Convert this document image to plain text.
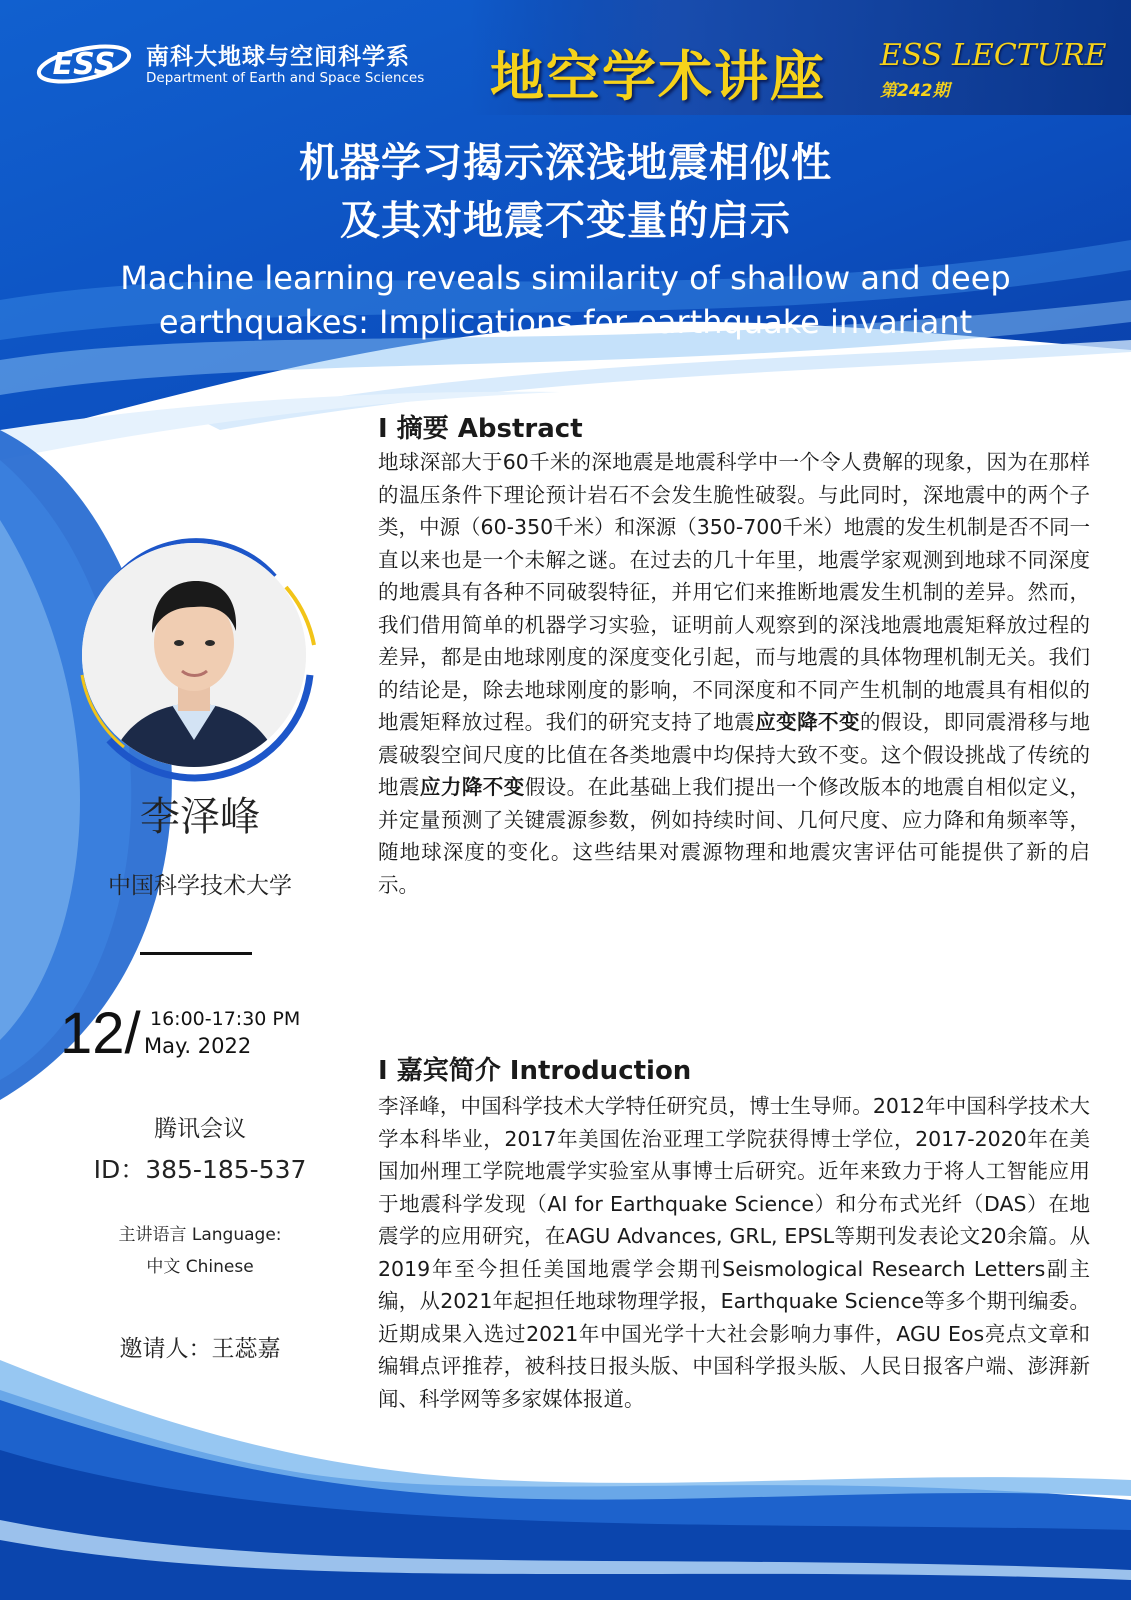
ESS 南科大地球与空间科学系
Department of Earth and Space Sciences 地空学术讲座 ESS LECTURE
第242期
机器学习揭示深浅地震相似性
及其对地震不变量的启示
Machine learning reveals similarity of shallow and deep
earthquakes: Implications for earthquake invariant
李泽峰
中国科学技术大学
12/ 16:00-17:30 PM
May. 2022
腾讯会议
ID：385-185-537
主讲语言 Language:
中文 Chinese
邀请人：王蕊嘉
I 摘要 Abstract
地球深部大于60千米的深地震是地震科学中一个令人费解的现象，因为在那样的温压条件下理论预计岩石不会发生脆性破裂。与此同时，深地震中的两个子类，中源（60-350千米）和深源（350-700千米）地震的发生机制是否不同一直以来也是一个未解之谜。在过去的几十年里，地震学家观测到地球不同深度的地震具有各种不同破裂特征，并用它们来推断地震发生机制的差异。然而，我们借用简单的机器学习实验，证明前人观察到的深浅地震地震矩释放过程的差异，都是由地球刚度的深度变化引起，而与地震的具体物理机制无关。我们的结论是，除去地球刚度的影响，不同深度和不同产生机制的地震具有相似的地震矩释放过程。我们的研究支持了地震应变降不变的假设，即同震滑移与地震破裂空间尺度的比值在各类地震中均保持大致不变。这个假设挑战了传统的地震应力降不变假设。在此基础上我们提出一个修改版本的地震自相似定义，并定量预测了关键震源参数，例如持续时间、几何尺度、应力降和角频率等，随地球深度的变化。这些结果对震源物理和地震灾害评估可能提供了新的启示。
I 嘉宾简介 Introduction
李泽峰，中国科学技术大学特任研究员，博士生导师。2012年中国科学技术大学本科毕业，2017年美国佐治亚理工学院获得博士学位，2017-2020年在美国加州理工学院地震学实验室从事博士后研究。近年来致力于将人工智能应用于地震科学发现（AI for Earthquake Science）和分布式光纤（DAS）在地震学的应用研究，在AGU Advances, GRL, EPSL等期刊发表论文20余篇。从2019年至今担任美国地震学会期刊Seismological Research Letters副主编，从2021年起担任地球物理学报，Earthquake Science等多个期刊编委。近期成果入选过2021年中国光学十大社会影响力事件，AGU Eos亮点文章和编辑点评推荐，被科技日报头版、中国科学报头版、人民日报客户端、澎湃新闻、科学网等多家媒体报道。
